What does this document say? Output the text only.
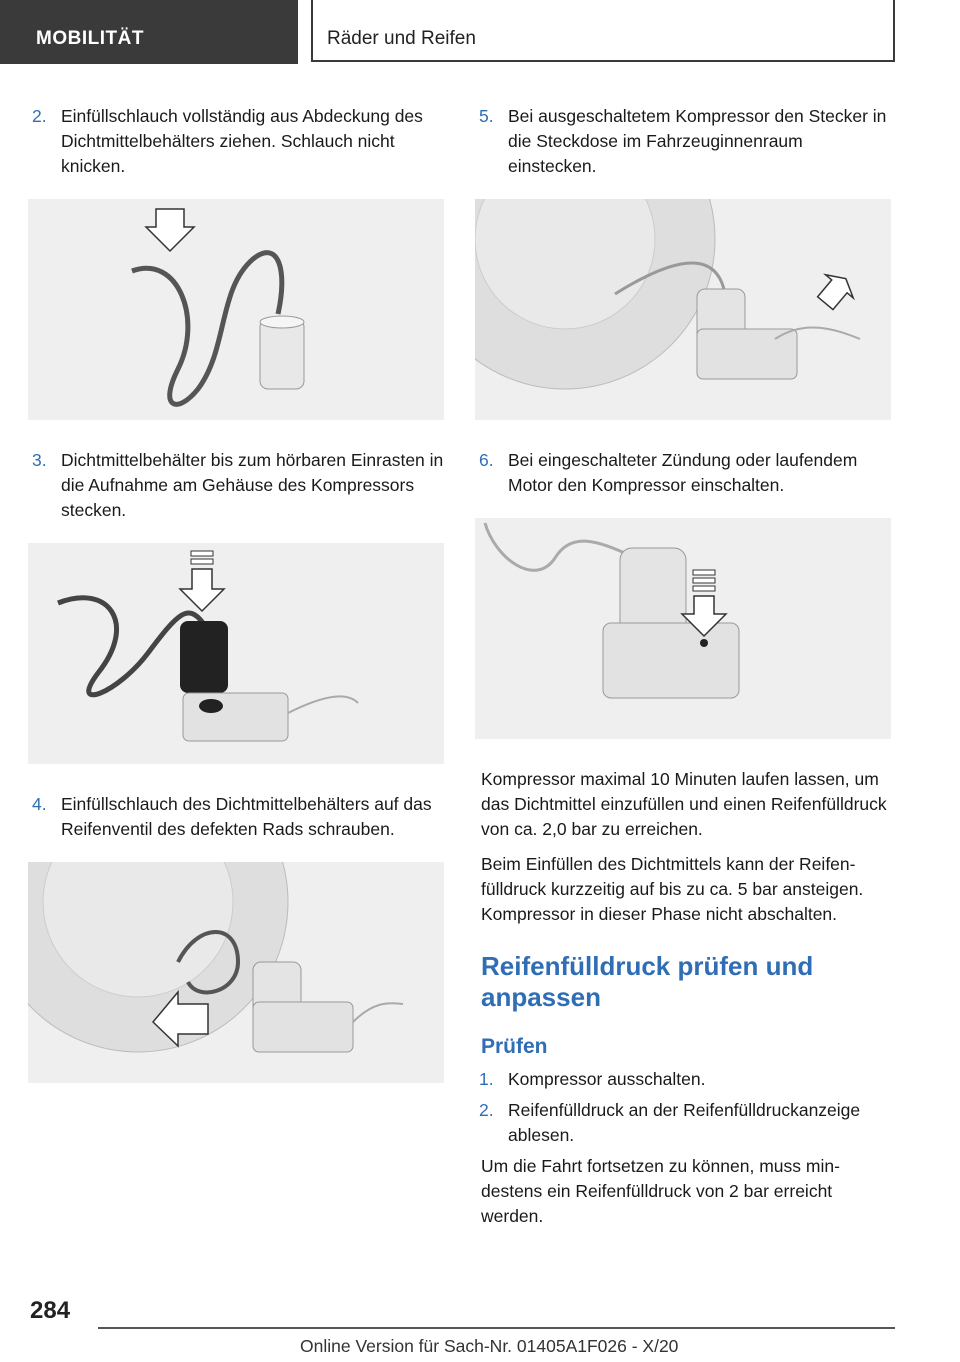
MOBILITÄT	Räder und Reifen
2. Einfüllschlauch vollständig aus Abdeckung des Dichtmittelbehälters ziehen. Schlauch nicht knicken.
3. Dichtmittelbehälter bis zum hörbaren Einrasten in die Aufnahme am Gehäuse des Kompressors stecken.
4. Einfüllschlauch des Dichtmittelbehälters auf das Reifenventil des defekten Rads schrauben.
5. Bei ausgeschaltetem Kompressor den Stecker in die Steckdose im Fahrzeuginnenraum einstecken.
6. Bei eingeschalteter Zündung oder laufendem Motor den Kompressor einschalten.

Kompressor maximal 10 Minuten laufen lassen, um das Dichtmittel einzufüllen und einen Reifenfülldruck von ca. 2,0 bar zu erreichen.

Beim Einfüllen des Dichtmittels kann der Reifenfülldruck kurzzeitig auf bis zu ca. 5 bar ansteigen. Kompressor in dieser Phase nicht abschalten.

Reifenfülldruck prüfen und anpassen
Prüfen
1. Kompressor ausschalten.
2. Reifenfülldruck an der Reifenfülldruckanzeige ablesen.

Um die Fahrt fortsetzen zu können, muss mindestens ein Reifenfülldruck von 2 bar erreicht werden.

284
Online Version für Sach-Nr. 01405A1F026 - X/20
